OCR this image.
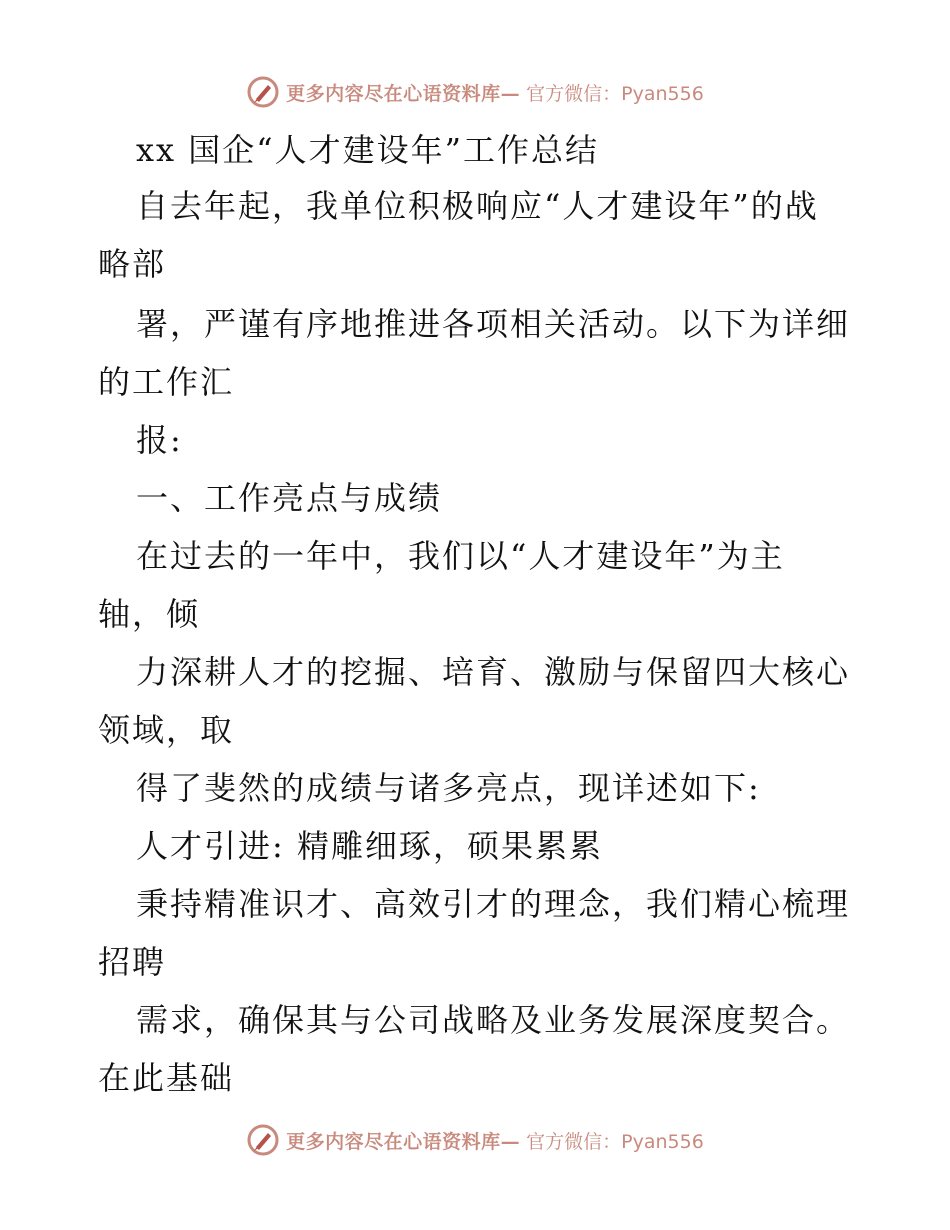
更多内容尽在心语资料库— 官方微信：Pyan556
xx 国企“人才建设年”工作总结
自去年起，我单位积极响应“人才建设年”的战
略部
署，严谨有序地推进各项相关活动。以下为详细
的工作汇
报:
一、工作亮点与成绩
在过去的一年中，我们以“人才建设年”为主
轴，倾
力深耕人才的挖掘、培育、激励与保留四大核心
领域，取
得了斐然的成绩与诸多亮点，现详述如下:
人才引进: 精雕细琢，硕果累累
秉持精准识才、高效引才的理念，我们精心梳理
招聘
需求，确保其与公司战略及业务发展深度契合。
在此基础
更多内容尽在心语资料库— 官方微信：Pyan556
